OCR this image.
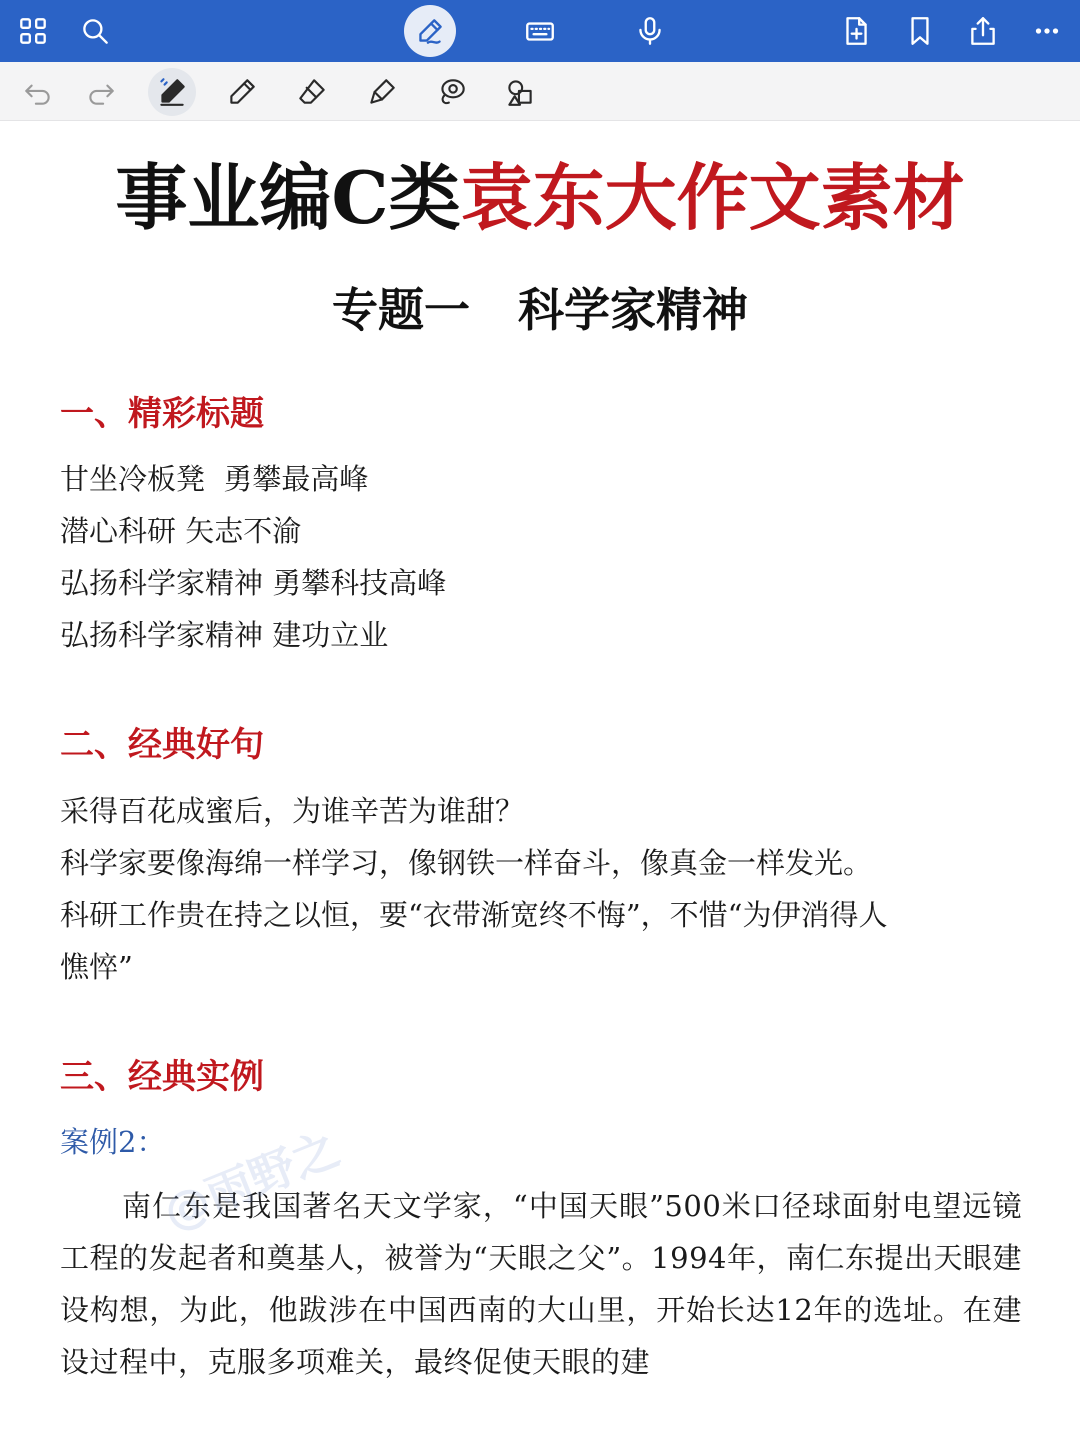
事业编C类袁东大作文素材
专题一   科学家精神
一、精彩标题
甘坐冷板凳  勇攀最高峰
潜心科研 矢志不渝
弘扬科学家精神 勇攀科技高峰
弘扬科学家精神 建功立业
二、经典好句
采得百花成蜜后，为谁辛苦为谁甜？
科学家要像海绵一样学习，像钢铁一样奋斗，像真金一样发光。
科研工作贵在持之以恒，要“衣带渐宽终不悔”，不惜“为伊消得人
憔悴”
三、经典实例
案例2：
南仁东是我国著名天文学家，“中国天眼”500米口径球面射电望远镜工程的发起者和奠基人，被誉为“天眼之父”。1994年，南仁东提出天眼建设构想，为此，他跋涉在中国西南的大山里，开始长达12年的选址。在建设过程中，克服多项难关，最终促使天眼的建
@雨野之
